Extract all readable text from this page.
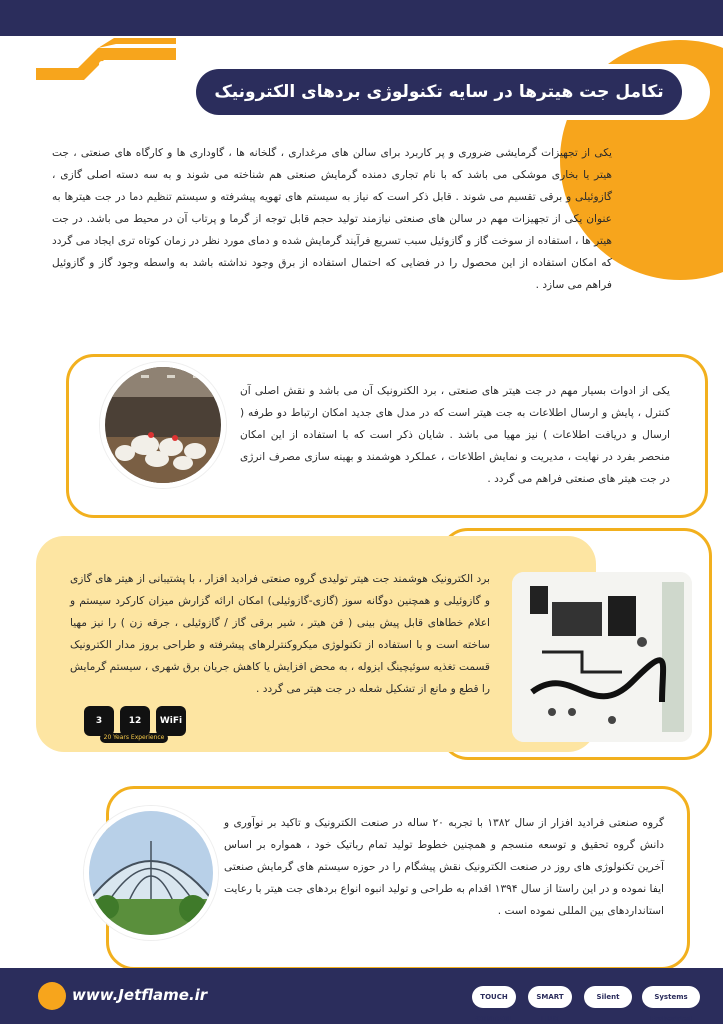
تکامل جت هیترها در سایه تکنولوژی بردهای الکترونیک
یکی از تجهیزات گرمایشی ضروری و پر کاربرد برای سالن های مرغداری ، گلخانه ها ، گاوداری ها و کارگاه های صنعتی ، جت هیتر یا بخاری موشکی می باشد که با نام تجاری دمنده گرمایش صنعتی هم شناخته می شوند و به سه دسته اصلی گازی ، گازوئیلی و برقی تقسیم می شوند . قابل ذکر است که نیاز به سیستم های تهویه پیشرفته و سیستم تنظیم دما در جت هیترها به عنوان یکی از تجهیزات مهم در سالن های صنعتی نیازمند تولید حجم قابل توجه از گرما و پرتاب آن در محیط می باشد. در جت هیتر ها ، استفاده از سوخت گاز و گازوئیل سبب تسریع فرآیند گرمایش شده و دمای مورد نظر در زمان کوتاه تری ایجاد می گردد که امکان استفاده از این محصول را در فضایی که احتمال استفاده از برق وجود نداشته باشد به واسطه وجود گاز و گازوئیل فراهم می سازد .
یکی از ادوات بسیار مهم در جت هیتر های صنعتی ، برد الکترونیک آن می باشد و نقش اصلی آن کنترل ، پایش و ارسال اطلاعات به جت هیتر است که در مدل های جدید امکان ارتباط دو طرفه ( ارسال و دریافت اطلاعات ) نیز مهیا می باشد . شایان ذکر است که با استفاده از این امکان منحصر بفرد در نهایت ، مدیریت و نمایش اطلاعات ، عملکرد هوشمند و بهینه سازی مصرف انرژی در جت هیتر های صنعتی فراهم می گردد .
برد الکترونیک هوشمند جت هیتر تولیدی گروه صنعتی فرادید افزار ، با پشتیبانی از هیتر های گازی و گازوئیلی و همچنین دوگانه سوز (گازی-گازوئیلی) امکان ارائه گزارش میزان کارکرد سیستم و اعلام خطاهای قابل پیش بینی ( فن هیتر ، شیر برقی گاز / گازوئیلی ، جرقه زن ) را نیز مهیا ساخته است و با استفاده از تکنولوژی میکروکنترلرهای پیشرفته و طراحی بروز مدار الکترونیک قسمت تغذیه سوئیچینگ ایزوله ، به محض افزایش یا کاهش جریان برق شهری ، سیستم گرمایش را قطع و مانع از تشکیل شعله در جت هیتر می گردد .
3	12	WiFi
20 Years Experience
گروه صنعتی فرادید افزار از سال ۱۳۸۲ با تجربه ۲۰ ساله در صنعت الکترونیک و تاکید بر نوآوری و دانش گروه تحقیق و توسعه منسجم و همچنین خطوط تولید تمام رباتیک خود ، همواره بر اساس آخرین تکنولوژی های روز در صنعت الکترونیک نقش پیشگام را در حوزه سیستم های گرمایش صنعتی ایفا نموده و در این راستا از سال ۱۳۹۴ اقدام به طراحی و تولید انبوه انواع بردهای جت هیتر با رعایت استانداردهای بین المللی نموده است .
www.Jetflame.ir	TOUCH CONTROL
SMART LINK
Silent	Systems Embedded
